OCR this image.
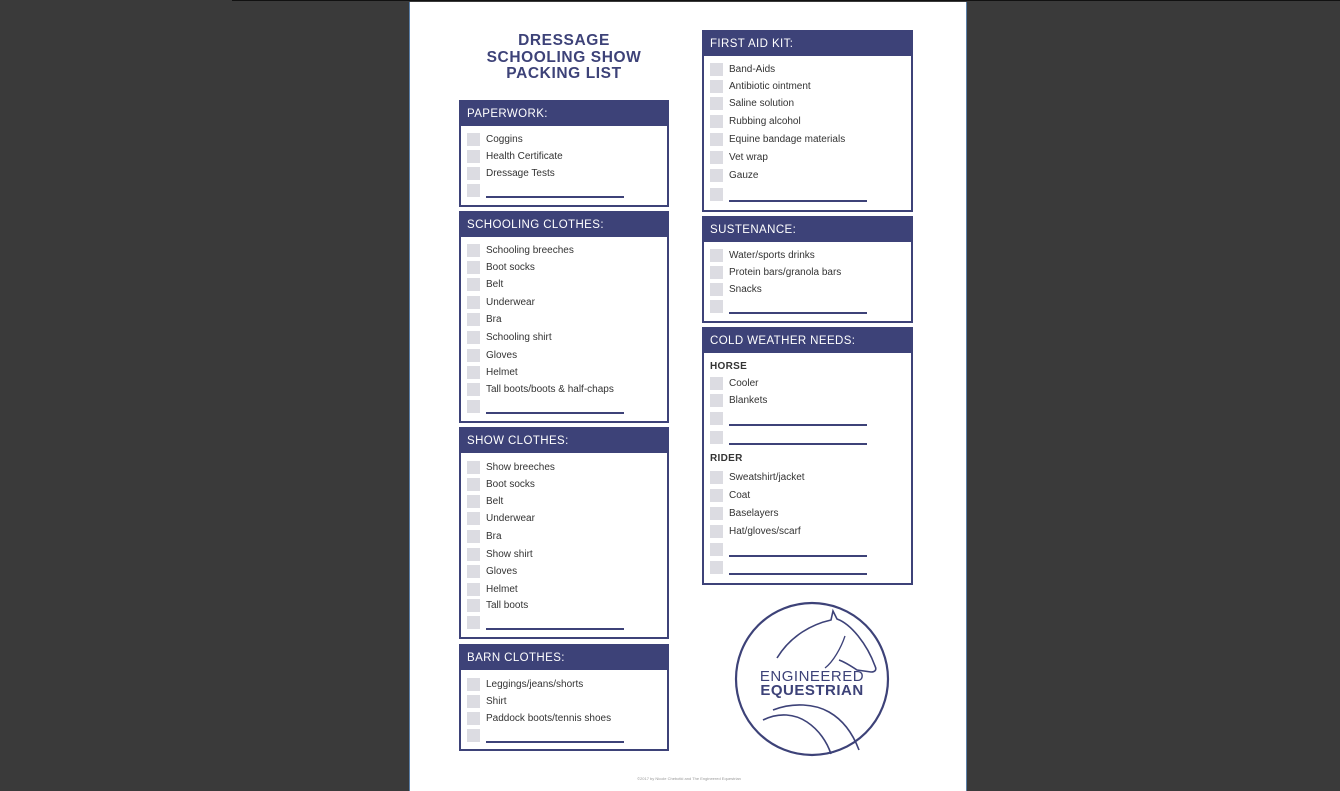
DRESSAGE
SCHOOLING SHOW
PACKING LIST
PAPERWORK:
Coggins
Health Certificate
Dressage Tests
SCHOOLING CLOTHES:
Schooling breeches
Boot socks
Belt
Underwear
Bra
Schooling shirt
Gloves
Helmet
Tall boots/boots & half-chaps
SHOW CLOTHES:
Show breeches
Boot socks
Belt
Underwear
Bra
Show shirt
Gloves
Helmet
Tall boots
BARN CLOTHES:
Leggings/jeans/shorts
Shirt
Paddock boots/tennis shoes
FIRST AID KIT:
Band-Aids
Antibiotic ointment
Saline solution
Rubbing alcohol
Equine bandage materials
Vet wrap
Gauze
SUSTENANCE:
Water/sports drinks
Protein bars/granola bars
Snacks
COLD WEATHER NEEDS:
HORSE
Cooler
Blankets
RIDER
Sweatshirt/jacket
Coat
Baselayers
Hat/gloves/scarf
ENGINEERED
EQUESTRIAN
©2017 by Nicole Chebotki and The Engineered Equestrian
